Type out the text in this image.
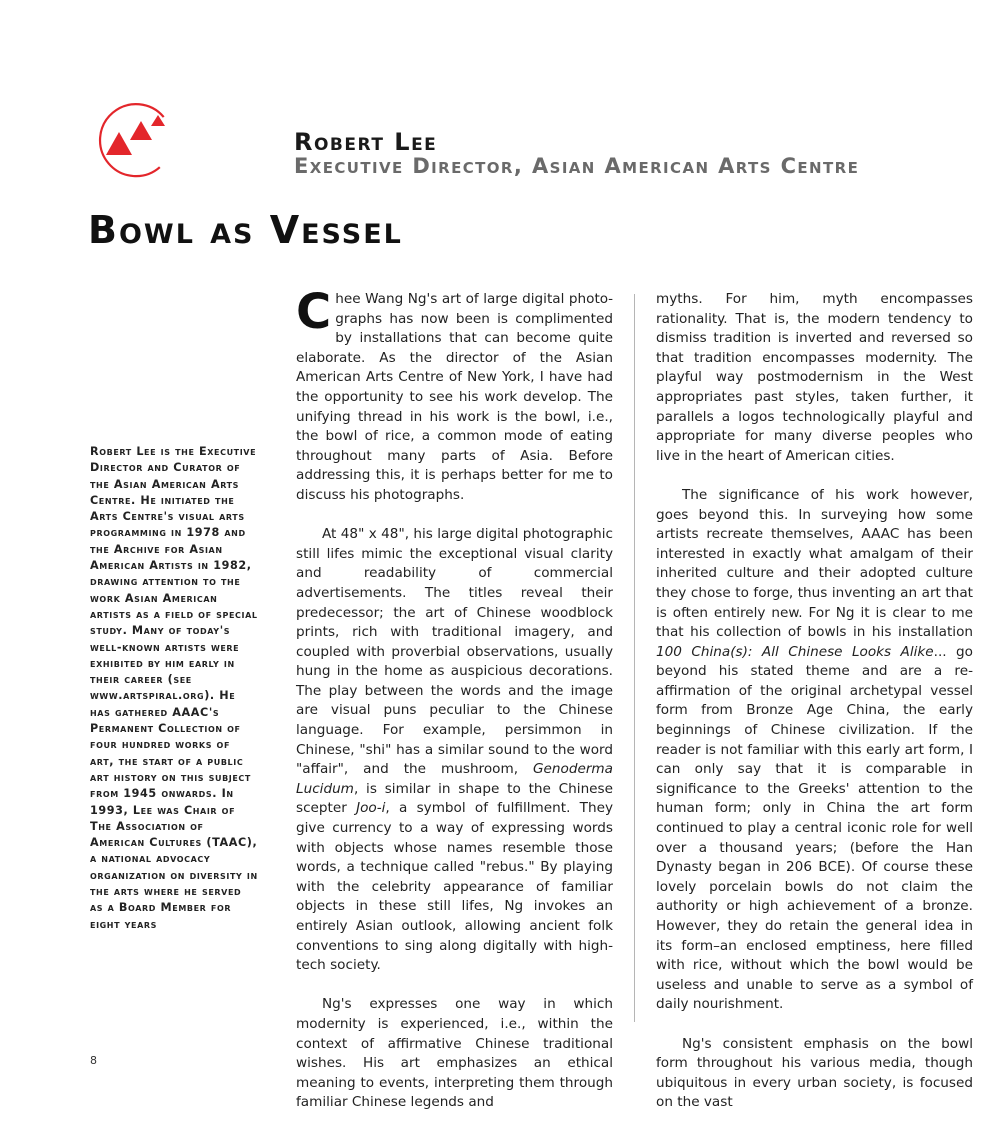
Robert Lee
Executive Director, Asian American Arts Centre
Bowl as Vessel
Robert Lee is the Executive Director and Curator of the Asian American Arts Centre. He initiated the Arts Centre's visual arts programming in 1978 and the Archive for Asian American Artists in 1982, drawing attention to the work Asian American artists as a field of special study. Many of today's well-known artists were exhibited by him early in their career (see www.artspiral.org). He has gathered AAAC's Permanent Collection of four hundred works of art, the start of a public art history on this subject from 1945 onwards. In 1993, Lee was Chair of The Association of American Cultures (TAAC), a national advocacy organization on diversity in the arts where he served as a Board Member for eight years

Chee Wang Ng's art of large digital photographs has now been is complimented by installations that can become quite elaborate. As the director of the Asian American Arts Centre of New York, I have had the opportunity to see his work develop. The unifying thread in his work is the bowl, i.e., the bowl of rice, a common mode of eating throughout many parts of Asia. Before addressing this, it is perhaps better for me to discuss his photographs.

At 48" x 48", his large digital photographic still lifes mimic the exceptional visual clarity and readability of commercial advertisements. The titles reveal their predecessor; the art of Chinese woodblock prints, rich with traditional imagery, and coupled with proverbial observations, usually hung in the home as auspicious decorations. The play between the words and the image are visual puns peculiar to the Chinese language. For example, persimmon in Chinese, "shi" has a similar sound to the word "affair", and the mushroom, Genoderma Lucidum, is similar in shape to the Chinese scepter Joo-i, a symbol of fulfillment. They give currency to a way of expressing words with objects whose names resemble those words, a technique called "rebus." By playing with the celebrity appearance of familiar objects in these still lifes, Ng invokes an entirely Asian outlook, allowing ancient folk conventions to sing along digitally with high-tech society.

Ng's expresses one way in which modernity is experienced, i.e., within the context of affirmative Chinese traditional wishes. His art emphasizes an ethical meaning to events, interpreting them through familiar Chinese legends and

myths. For him, myth encompasses rationality. That is, the modern tendency to dismiss tradition is inverted and reversed so that tradition encompasses modernity. The playful way postmodernism in the West appropriates past styles, taken further, it parallels a logos technologically playful and appropriate for many diverse peoples who live in the heart of American cities.

The significance of his work however, goes beyond this. In surveying how some artists recreate themselves, AAAC has been interested in exactly what amalgam of their inherited culture and their adopted culture they chose to forge, thus inventing an art that is often entirely new. For Ng it is clear to me that his collection of bowls in his installation 100 China(s): All Chinese Looks Alike... go beyond his stated theme and are a reaffirmation of the original archetypal vessel form from Bronze Age China, the early beginnings of Chinese civilization. If the reader is not familiar with this early art form, I can only say that it is comparable in significance to the Greeks' attention to the human form; only in China the art form continued to play a central iconic role for well over a thousand years; (before the Han Dynasty began in 206 BCE). Of course these lovely porcelain bowls do not claim the authority or high achievement of a bronze. However, they do retain the general idea in its form–an enclosed emptiness, here filled with rice, without which the bowl would be useless and unable to serve as a symbol of daily nourishment.

Ng's consistent emphasis on the bowl form throughout his various media, though ubiquitous in every urban society, is focused on the vast

8
